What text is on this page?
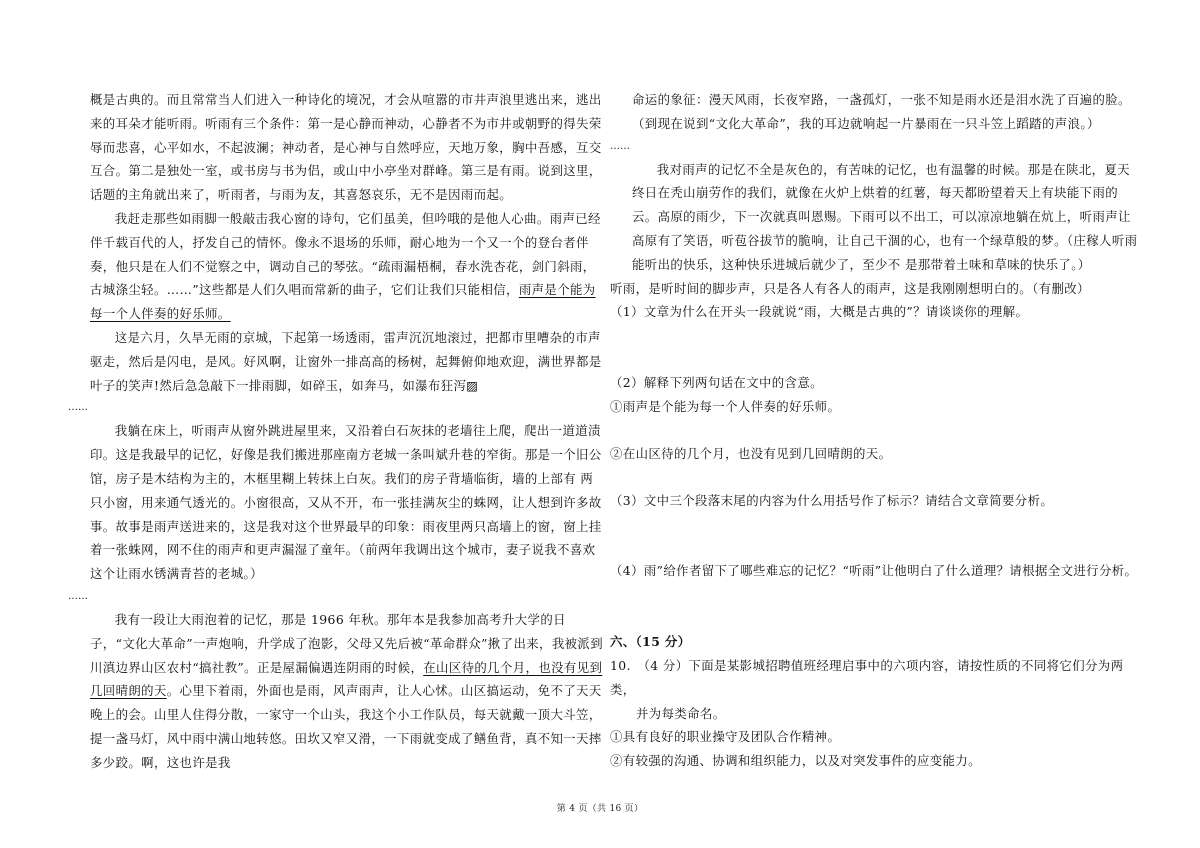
概是古典的。而且常常当人们进入一种诗化的境况，才会从喧嚣的市井声浪里逃出来，逃出来的耳朵才能听雨。听雨有三个条件：第一是心静而神动，心静者不为市井或朝野的得失荣辱而悲喜，心平如水，不起波澜；神动者，是心神与自然呼应，天地万象，胸中吾感，互交互合。第二是独处一室，或书房与书为侣，或山中小亭坐对群峰。第三是有雨。说到这里，话题的主角就出来了，听雨者，与雨为友，其喜怒哀乐，无不是因雨而起。

我赶走那些如雨脚一般敲击我心窗的诗句，它们虽美，但吟哦的是他人心曲。雨声已经伴千载百代的人，抒发自己的情怀。像永不退场的乐师，耐心地为一个又一个的登台者伴奏，他只是在人们不觉察之中，调动自己的琴弦。“疏雨漏梧桐，春水洗杏花，剑门斜雨，古城涤尘轻。……”这些都是人们久唱而常新的曲子，它们让我们只能相信，雨声是个能为每一个人伴奏的好乐师。

这是六月，久旱无雨的京城，下起第一场透雨，雷声沉沉地滚过，把都市里嘈杂的市声驱走，然后是闪电，是风。好风啊，让窗外一排高高的杨树，起舞俯仰地欢迎，满世界都是叶子的笑声!然后急急敲下一排雨脚，如碎玉，如奔马，如瀑布狂泻▨

……

我躺在床上，听雨声从窗外跳进屋里来，又沿着白石灰抹的老墙往上爬，爬出一道道渍印。这是我最早的记忆，好像是我们搬进那座南方老城一条叫斌升巷的窄街。那是一个旧公馆，房子是木结构为主的，木框里糊上转抹上白灰。我们的房子背墙临街，墙的上部有 两只小窗，用来通气透光的。小窗很高，又从不开，布一张挂满灰尘的蛛网，让人想到许多故事。故事是雨声送进来的，这是我对这个世界最早的印象：雨夜里两只高墙上的窗，窗上挂着一张蛛网，网不住的雨声和更声漏湿了童年。（前两年我调出这个城市，妻子说我不喜欢这个让雨水锈满青苔的老城。）

……

我有一段让大雨泡着的记忆，那是 1966 年秋。那年本是我参加高考升大学的日子，“文化大革命”一声炮响，升学成了泡影，父母又先后被“革命群众”揪了出来，我被派到川滇边界山区农村“搞社教”。正是屋漏偏遇连阴雨的时候，在山区待的几个月，也没有见到几回晴朗的天。心里下着雨，外面也是雨，风声雨声，让人心怵。山区搞运动，免不了天天晚上的会。山里人住得分散，一家守一个山头，我这个小工作队员，每天就戴一顶大斗笠，提一盏马灯，风中雨中满山地转悠。田坎又窄又滑，一下雨就变成了鳝鱼背，真不知一天摔多少跤。啊，这也许是我

命运的象征：漫天风雨，长夜窄路，一盏孤灯，一张不知是雨水还是泪水洗了百遍的脸。（到现在说到“文化大革命”，我的耳边就响起一片暴雨在一只斗笠上蹈踏的声浪。）

……

我对雨声的记忆不全是灰色的，有苦味的记忆，也有温馨的时候。那是在陕北，夏天终日在秃山崩劳作的我们，就像在火炉上烘着的红薯，每天都盼望着天上有块能下雨的云。高原的雨少，下一次就真叫恩赐。下雨可以不出工，可以凉凉地躺在炕上，听雨声让高原有了笑语，听苞谷拔节的脆响，让自己干涸的心，也有一个绿草般的梦。（庄稼人听雨能听出的快乐，这种快乐进城后就少了，至少不 是那带着土味和草味的快乐了。）

听雨，是听时间的脚步声，只是各人有各人的雨声，这是我刚刚想明白的。（有删改）

（1）文章为什么在开头一段就说“雨，大概是古典的”？请谈谈你的理解。

（2）解释下列两句话在文中的含意。

①雨声是个能为每一个人伴奏的好乐师。

②在山区待的几个月，也没有见到几回晴朗的天。

（3）文中三个段落末尾的内容为什么用括号作了标示？请结合文章简要分析。

（4）雨”给作者留下了哪些难忘的记忆？“听雨”让他明白了什么道理？请根据全文进行分析。

六、（15 分）

10.　（4 分）下面是某影城招聘值班经理启事中的六项内容，请按性质的不同将它们分为两类，

并为每类命名。

①具有良好的职业操守及团队合作精神。

②有较强的沟通、协调和组织能力，以及对突发事件的应变能力。

第 4 页（共 16 页）
